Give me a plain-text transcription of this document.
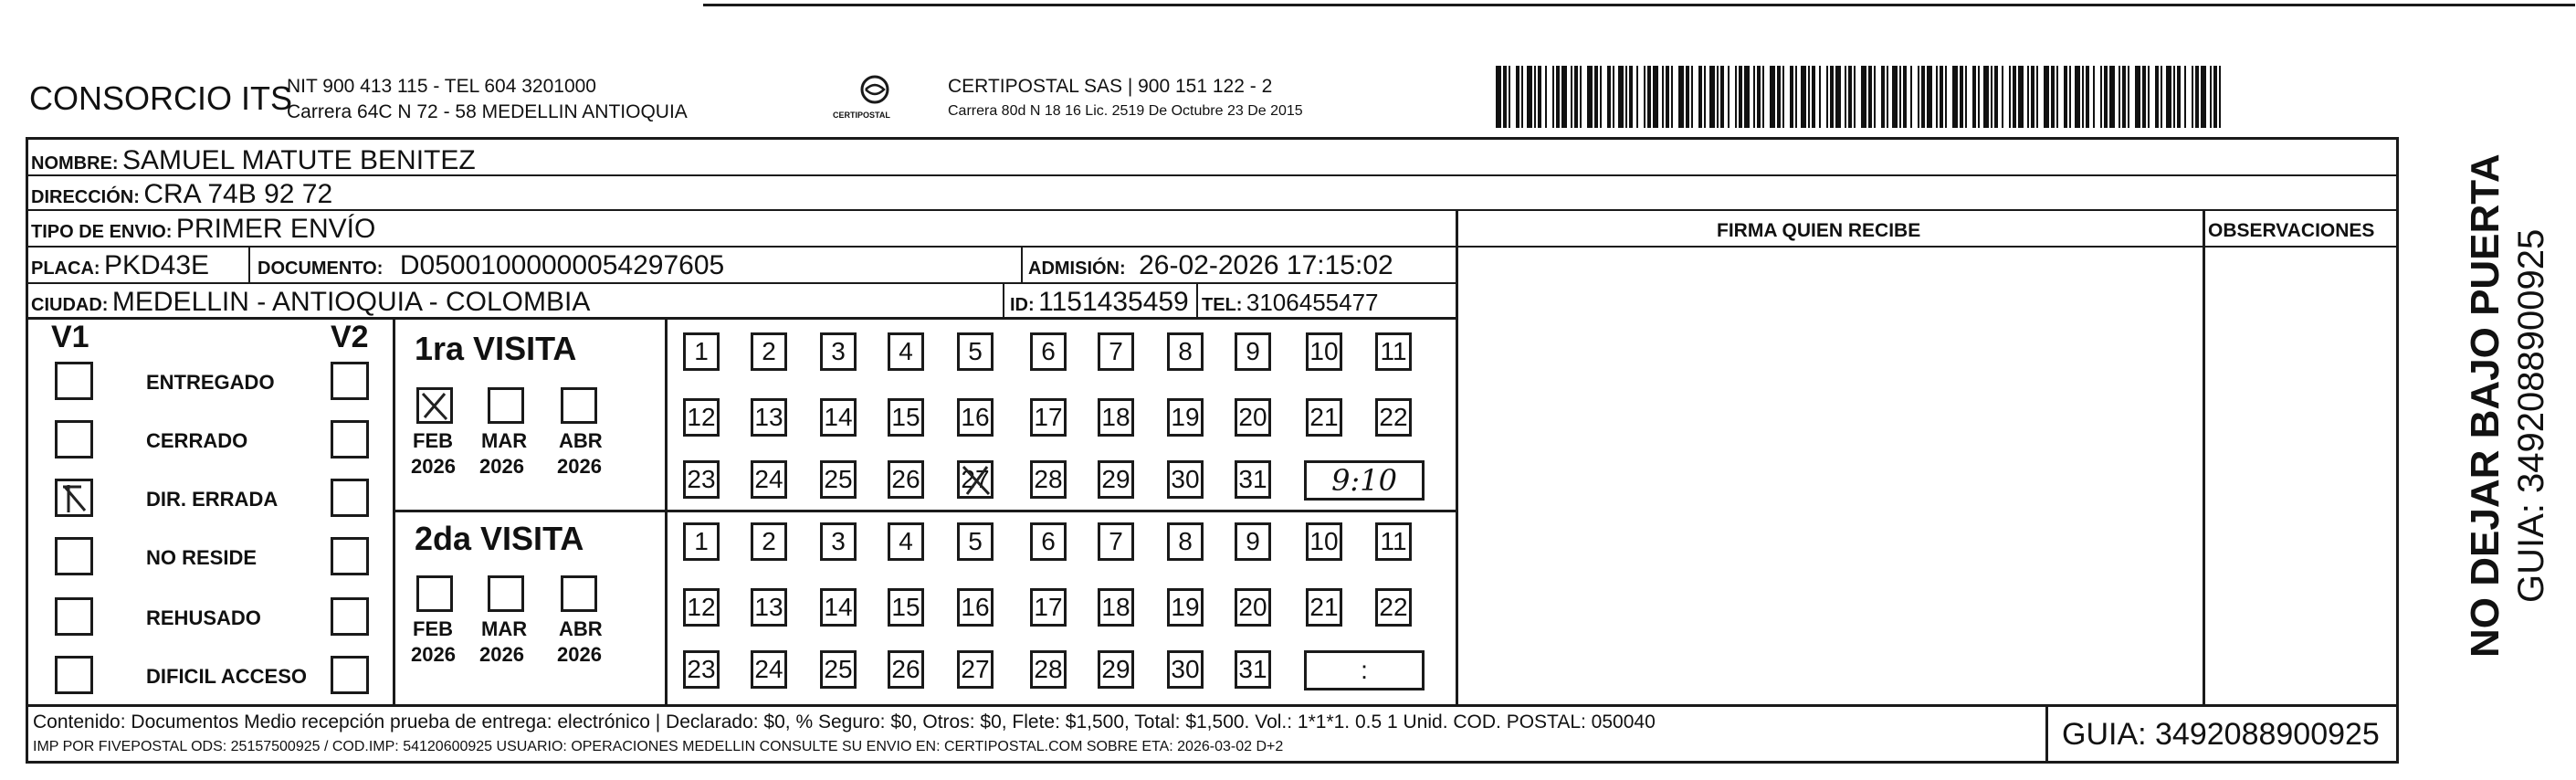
CONSORCIO ITS
NIT 900 413 115 - TEL 604 3201000
Carrera 64C N 72 - 58 MEDELLIN ANTIOQUIA	CERTIPOSTAL
CERTIPOSTAL SAS | 900 151 122 - 2
Carrera 80d N 18 16 Lic. 2519 De Octubre 23 De 2015
NOMBRE: SAMUEL MATUTE BENITEZ
DIRECCIÓN: CRA 74B 92 72
TIPO DE ENVIO: PRIMER ENVÍO	FIRMA QUIEN RECIBE	OBSERVACIONES
PLACA: PKD43E	DOCUMENTO: D05001000000054297605	ADMISIÓN: 26-02-2026 17:15:02
CIUDAD: MEDELLIN - ANTIOQUIA - COLOMBIA	ID: 1151435459 TEL: 3106455477
V1	V2
ENTREGADO
CERRADO
DIR. ERRADA
NO RESIDE
REHUSADO
DIFICIL ACCESO
1ra VISITA
FEB
2026
MAR
2026
ABR
2026
1	2	3	4	5	6	7	8	9	10 11
12 13 14 15 16 17 18 19 20 21 22
23 24 25 26 27 28 29 30 31	9:10
2da VISITA
FEB
2026
MAR
2026
ABR
2026
1	2	3	4	5	6	7	8	9	10 11
12 13 14 15 16 17 18 19 20 21 22
23 24 25 26 27 28 29 30 31	:
Contenido: Documentos Medio recepción prueba de entrega: electrónico | Declarado: $0, % Seguro: $0, Otros: $0, Flete: $1,500, Total: $1,500. Vol.: 1*1*1. 0.5 1 Unid. COD. POSTAL: 050040
IMP POR FIVEPOSTAL ODS: 25157500925 / COD.IMP: 54120600925 USUARIO: OPERACIONES MEDELLIN CONSULTE SU ENVIO EN: CERTIPOSTAL.COM SOBRE ETA: 2026-03-02 D+2	GUIA: 3492088900925
NO DEJAR BAJO PUERTA GUIA: 3492088900925
